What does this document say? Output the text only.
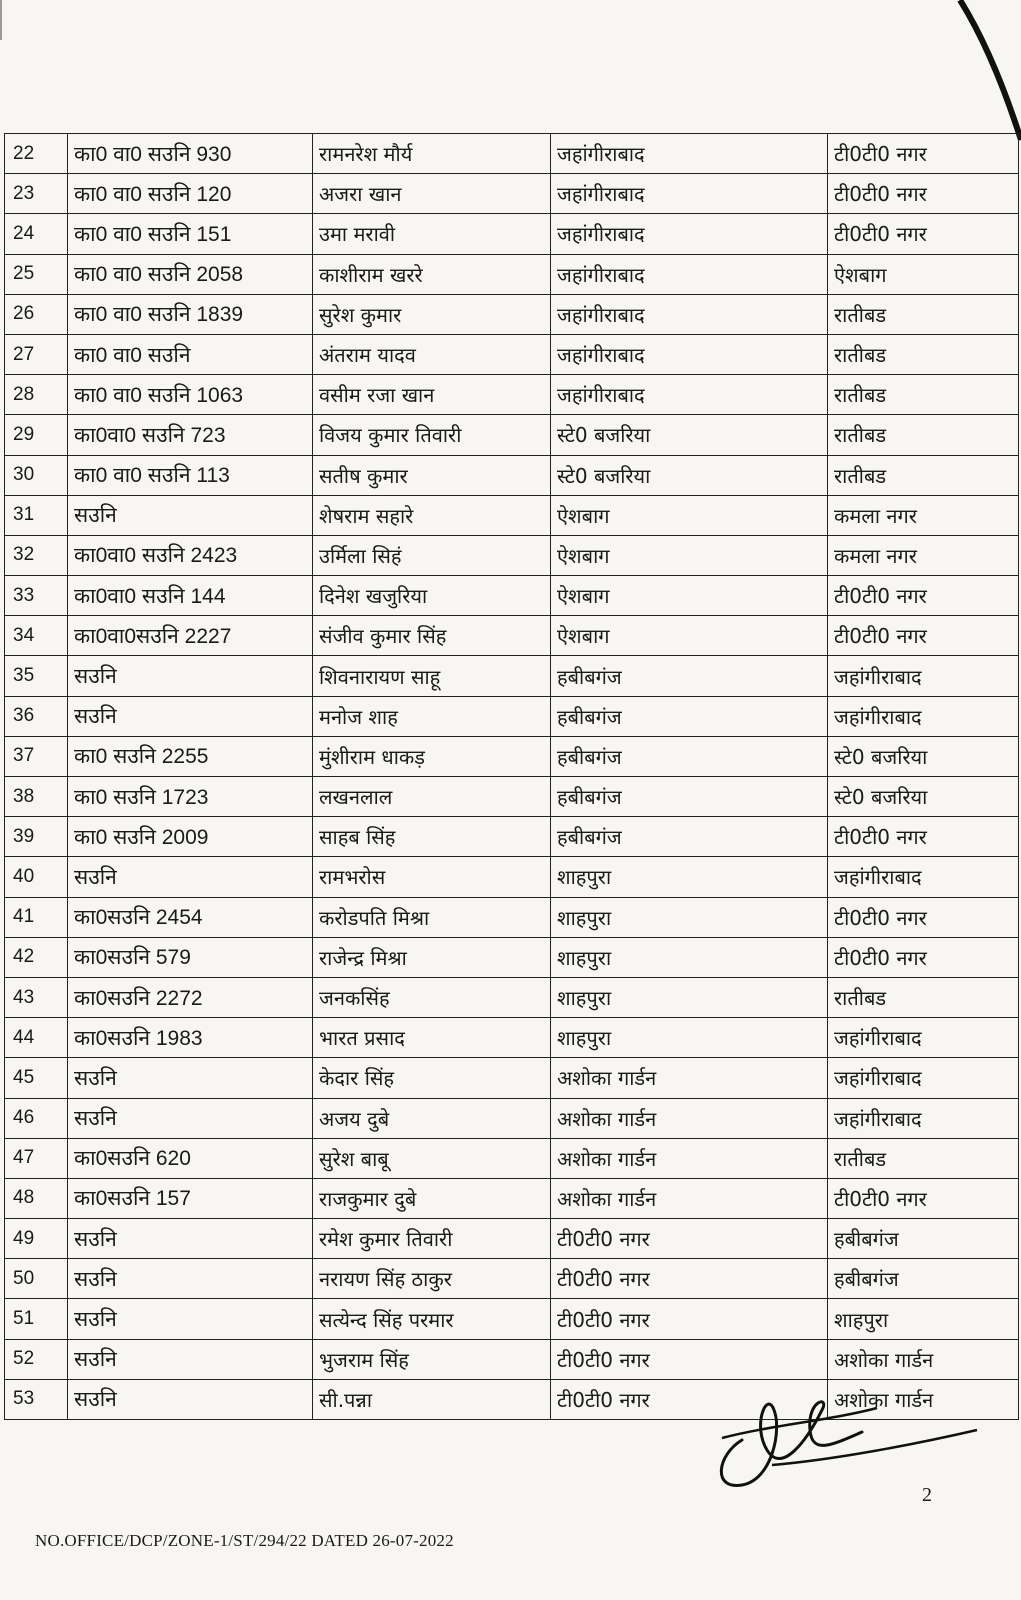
22	का0 वा0 सउनि 930	रामनरेश मौर्य	जहांगीराबाद	टी0टी0 नगर
23	का0 वा0 सउनि 120	अजरा खान	जहांगीराबाद	टी0टी0 नगर
24	का0 वा0 सउनि 151	उमा मरावी	जहांगीराबाद	टी0टी0 नगर
25	का0 वा0 सउनि 2058	काशीराम खररे	जहांगीराबाद	ऐशबाग
26	का0 वा0 सउनि 1839	सुरेश कुमार	जहांगीराबाद	रातीबड
27	का0 वा0 सउनि	अंतराम यादव	जहांगीराबाद	रातीबड
28	का0 वा0 सउनि 1063	वसीम रजा खान	जहांगीराबाद	रातीबड
29	का0वा0 सउनि 723	विजय कुमार तिवारी	स्टे0 बजरिया	रातीबड
30	का0 वा0 सउनि 113	सतीष कुमार	स्टे0 बजरिया	रातीबड
31	सउनि	शेषराम सहारे	ऐशबाग	कमला नगर
32	का0वा0 सउनि 2423	उर्मिला सिहं	ऐशबाग	कमला नगर
33	का0वा0 सउनि 144	दिनेश खजुरिया	ऐशबाग	टी0टी0 नगर
34	का0वा0सउनि 2227	संजीव कुमार सिंह	ऐशबाग	टी0टी0 नगर
35	सउनि	शिवनारायण साहू	हबीबगंज	जहांगीराबाद
36	सउनि	मनोज शाह	हबीबगंज	जहांगीराबाद
37	का0 सउनि 2255	मुंशीराम धाकड़	हबीबगंज	स्टे0 बजरिया
38	का0 सउनि 1723	लखनलाल	हबीबगंज	स्टे0 बजरिया
39	का0 सउनि 2009	साहब सिंह	हबीबगंज	टी0टी0 नगर
40	सउनि	रामभरोस	शाहपुरा	जहांगीराबाद
41	का0सउनि 2454	करोडपति मिश्रा	शाहपुरा	टी0टी0 नगर
42	का0सउनि 579	राजेन्द्र मिश्रा	शाहपुरा	टी0टी0 नगर
43	का0सउनि 2272	जनकसिंह	शाहपुरा	रातीबड
44	का0सउनि 1983	भारत प्रसाद	शाहपुरा	जहांगीराबाद
45	सउनि	केदार सिंह	अशोका गार्डन	जहांगीराबाद
46	सउनि	अजय दुबे	अशोका गार्डन	जहांगीराबाद
47	का0सउनि 620	सुरेश बाबू	अशोका गार्डन	रातीबड
48	का0सउनि 157	राजकुमार दुबे	अशोका गार्डन	टी0टी0 नगर
49	सउनि	रमेश कुमार तिवारी	टी0टी0 नगर	हबीबगंज
50	सउनि	नरायण सिंह ठाकुर	टी0टी0 नगर	हबीबगंज
51	सउनि	सत्येन्द सिंह परमार	टी0टी0 नगर	शाहपुरा
52	सउनि	भुजराम सिंह	टी0टी0 नगर	अशोका गार्डन
53	सउनि	सी.पन्ना	टी0टी0 नगर	अशोका गार्डन
2
NO.OFFICE/DCP/ZONE-1/ST/294/22 DATED 26-07-2022
